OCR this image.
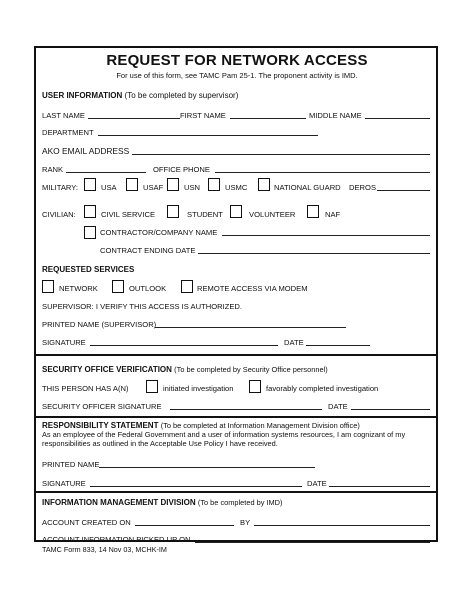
REQUEST FOR NETWORK ACCESS
For use of this form, see TAMC Pam 25-1. The proponent activity is IMD.
USER INFORMATION (To be completed by supervisor)
LAST NAME	FIRST NAME	MIDDLE NAME
DEPARTMENT
AKO EMAIL ADDRESS
RANK	OFFICE PHONE
MILITARY:	USA	USAF	USN	USMC	NATIONAL GUARD DEROS
CIVILIAN:	CIVIL SERVICE	STUDENT	VOLUNTEER	NAF
CONTRACTOR/COMPANY NAME
CONTRACT ENDING DATE
REQUESTED SERVICES
NETWORK	OUTLOOK	REMOTE ACCESS VIA MODEM
SUPERVISOR: I VERIFY THIS ACCESS IS AUTHORIZED.
PRINTED NAME (SUPERVISOR)
SIGNATURE	DATE
SECURITY OFFICE VERIFICATION (To be completed by Security Office personnel)
THIS PERSON HAS A(N)	initiated investigation	favorably completed investigation
SECURITY OFFICER SIGNATURE	DATE
RESPONSIBILITY STATEMENT (To be completed at Information Management Division office)
As an employee of the Federal Government and a user of information systems resources, I am cognizant of my responsibilities as outlined in the Acceptable Use Policy I have received.
PRINTED NAME
SIGNATURE	DATE
INFORMATION MANAGEMENT DIVISION (To be completed by IMD)
ACCOUNT CREATED ON	BY
ACCOUNT INFORMATION PICKED UP ON
TAMC Form 833, 14 Nov 03, MCHK-IM
